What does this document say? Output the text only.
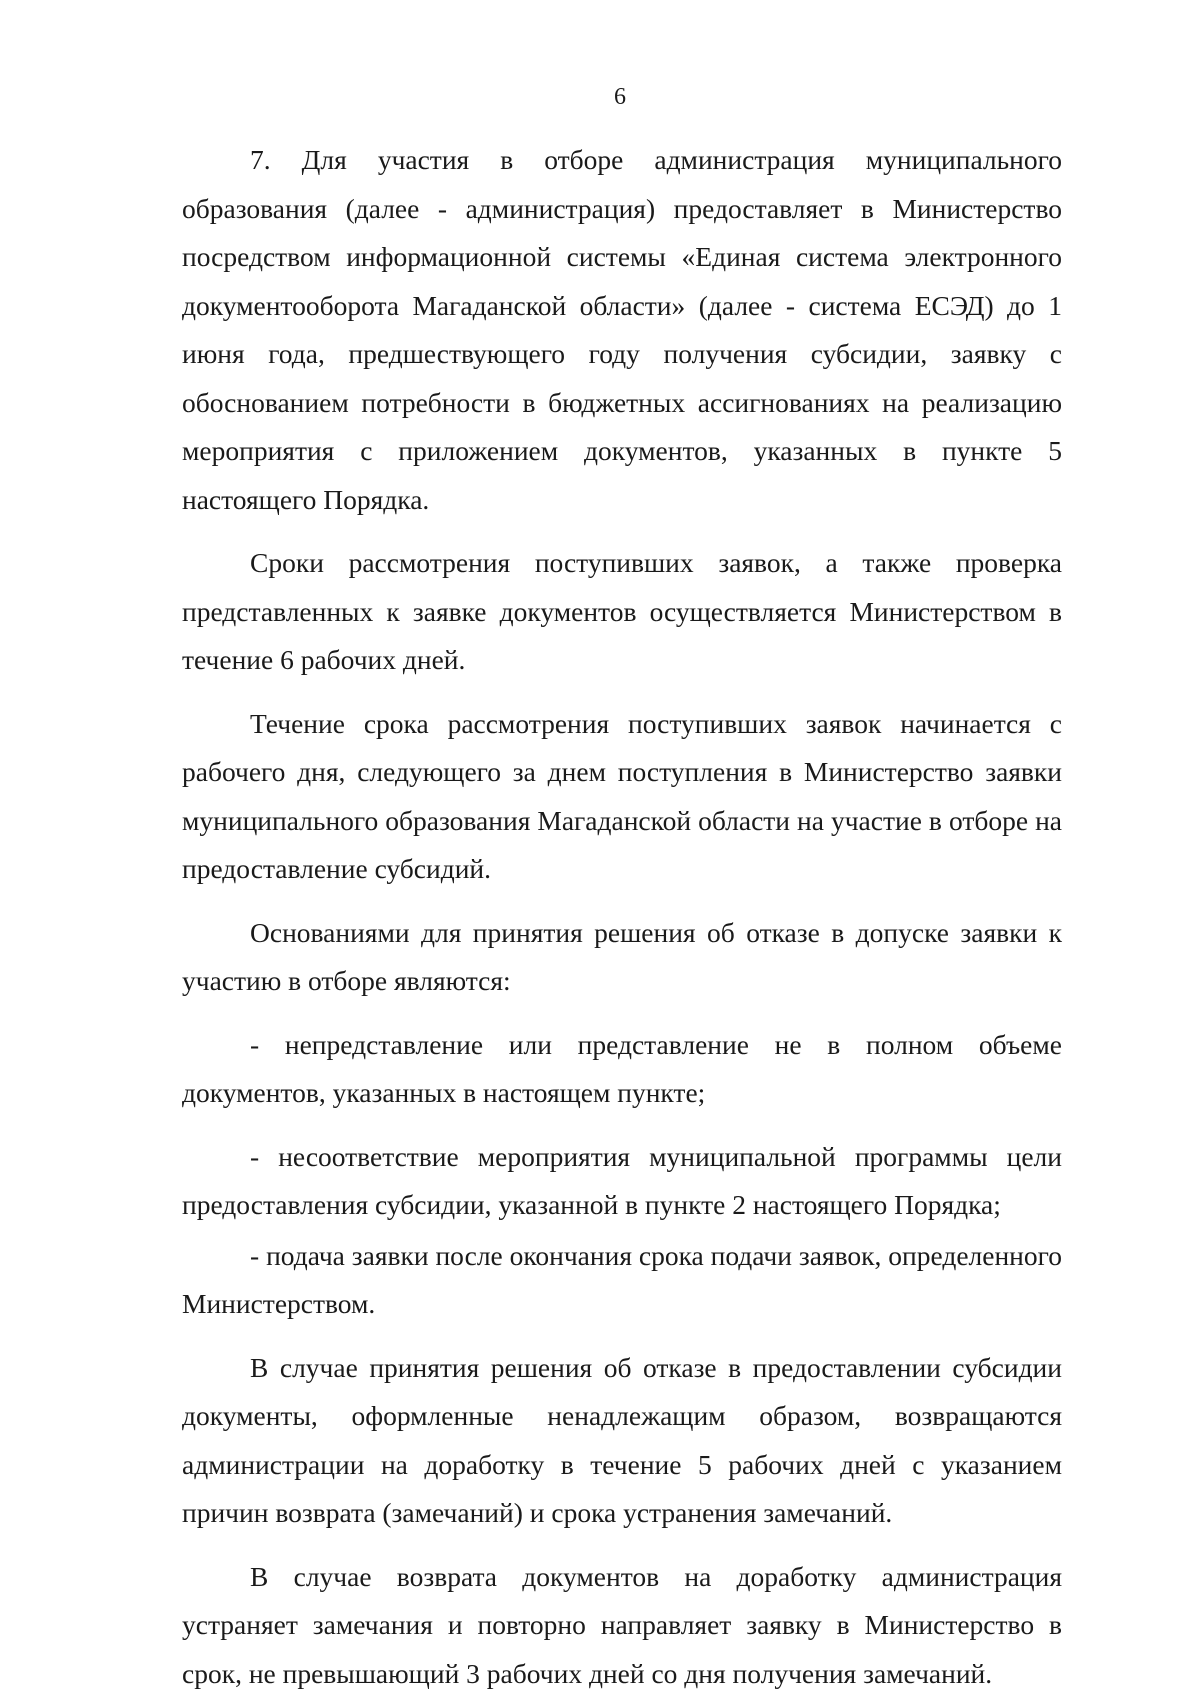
6

7. Для участия в отборе администрация муниципального образования (далее - администрация) предоставляет в Министерство посредством информационной системы «Единая система электронного документооборота Магаданской области» (далее - система ЕСЭД) до 1 июня года, предшествующего году получения субсидии, заявку с обоснованием потребности в бюджетных ассигнованиях на реализацию мероприятия с приложением документов, указанных в пункте 5 настоящего Порядка.

Сроки рассмотрения поступивших заявок, а также проверка представленных к заявке документов осуществляется Министерством в течение 6 рабочих дней.

Течение срока рассмотрения поступивших заявок начинается с рабочего дня, следующего за днем поступления в Министерство заявки муниципального образования Магаданской области на участие в отборе на предоставление субсидий.

Основаниями для принятия решения об отказе в допуске заявки к участию в отборе являются:

- непредставление или представление не в полном объеме документов, указанных в настоящем пункте;

- несоответствие мероприятия муниципальной программы цели предоставления субсидии, указанной в пункте 2 настоящего Порядка;

- подача заявки после окончания срока подачи заявок, определенного Министерством.

В случае принятия решения об отказе в предоставлении субсидии документы, оформленные ненадлежащим образом, возвращаются администрации на доработку в течение 5 рабочих дней с указанием причин возврата (замечаний) и срока устранения замечаний.

В случае возврата документов на доработку администрация устраняет замечания и повторно направляет заявку в Министерство в срок, не превышающий 3 рабочих дней со дня получения замечаний.
